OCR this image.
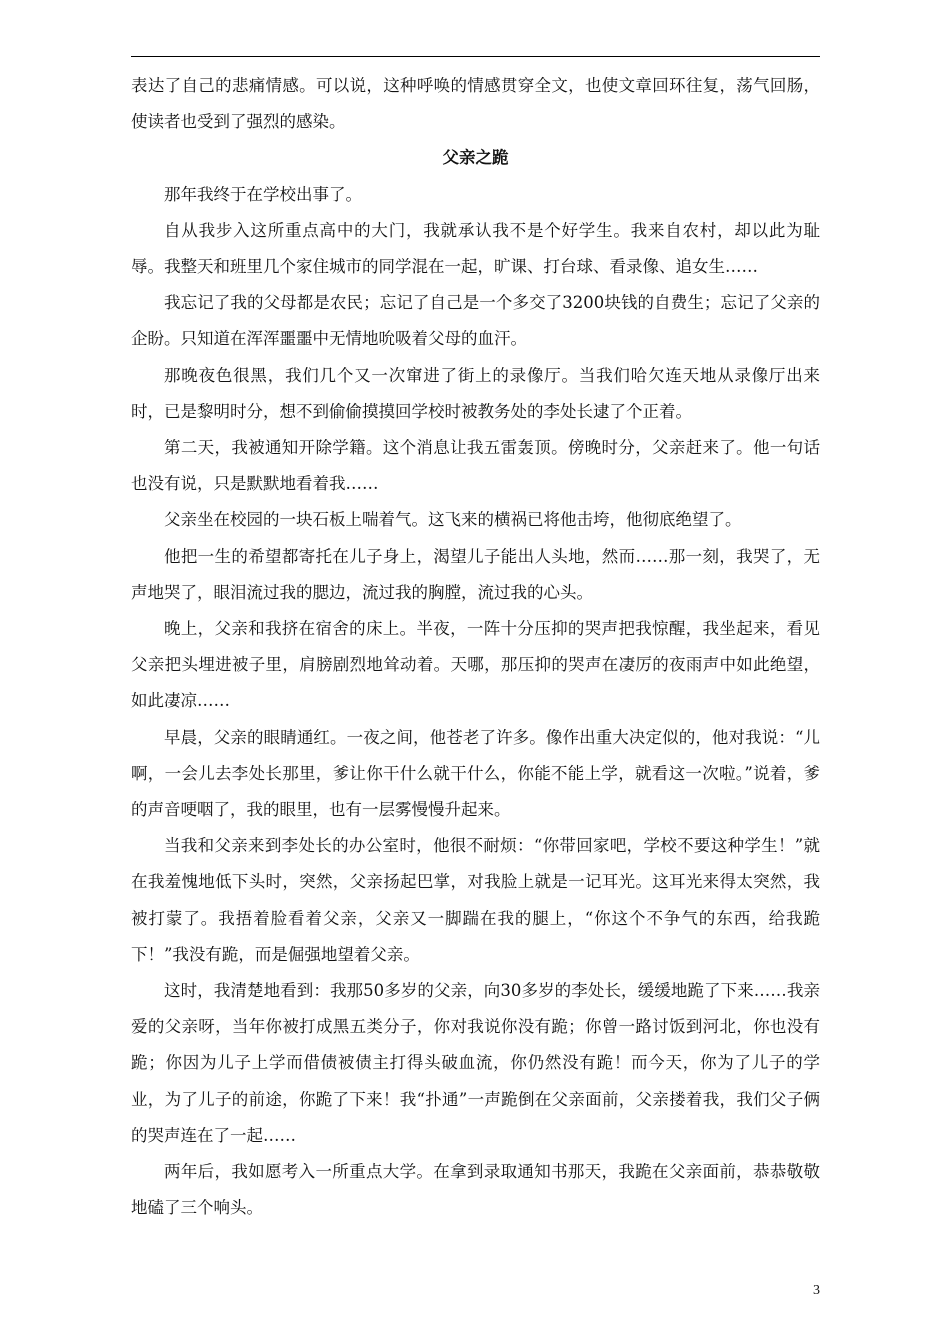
表达了自己的悲痛情感。可以说，这种呼唤的情感贯穿全文，也使文章回环往复，荡气回肠，使读者也受到了强烈的感染。

父亲之跪

那年我终于在学校出事了。

自从我步入这所重点高中的大门，我就承认我不是个好学生。我来自农村，却以此为耻辱。我整天和班里几个家住城市的同学混在一起，旷课、打台球、看录像、追女生……

我忘记了我的父母都是农民；忘记了自己是一个多交了3200块钱的自费生；忘记了父亲的企盼。只知道在浑浑噩噩中无情地吮吸着父母的血汗。

那晚夜色很黑，我们几个又一次窜进了街上的录像厅。当我们哈欠连天地从录像厅出来时，已是黎明时分，想不到偷偷摸摸回学校时被教务处的李处长逮了个正着。

第二天，我被通知开除学籍。这个消息让我五雷轰顶。傍晚时分，父亲赶来了。他一句话也没有说，只是默默地看着我……

父亲坐在校园的一块石板上喘着气。这飞来的横祸已将他击垮，他彻底绝望了。

他把一生的希望都寄托在儿子身上，渴望儿子能出人头地，然而……那一刻，我哭了，无声地哭了，眼泪流过我的腮边，流过我的胸膛，流过我的心头。

晚上，父亲和我挤在宿舍的床上。半夜，一阵十分压抑的哭声把我惊醒，我坐起来，看见父亲把头埋进被子里，肩膀剧烈地耸动着。天哪，那压抑的哭声在凄厉的夜雨声中如此绝望，如此凄凉……

早晨，父亲的眼睛通红。一夜之间，他苍老了许多。像作出重大决定似的，他对我说：“儿啊，一会儿去李处长那里，爹让你干什么就干什么，你能不能上学，就看这一次啦。”说着，爹的声音哽咽了，我的眼里，也有一层雾慢慢升起来。

当我和父亲来到李处长的办公室时，他很不耐烦：“你带回家吧，学校不要这种学生！”就在我羞愧地低下头时，突然，父亲扬起巴掌，对我脸上就是一记耳光。这耳光来得太突然，我被打蒙了。我捂着脸看着父亲，父亲又一脚踹在我的腿上，“你这个不争气的东西，给我跪下！”我没有跪，而是倔强地望着父亲。

这时，我清楚地看到：我那50多岁的父亲，向30多岁的李处长，缓缓地跪了下来……我亲爱的父亲呀，当年你被打成黑五类分子，你对我说你没有跪；你曾一路讨饭到河北，你也没有跪；你因为儿子上学而借债被债主打得头破血流，你仍然没有跪！而今天，你为了儿子的学业，为了儿子的前途，你跪了下来！我“扑通”一声跪倒在父亲面前，父亲搂着我，我们父子俩的哭声连在了一起……

两年后，我如愿考入一所重点大学。在拿到录取通知书那天，我跪在父亲面前，恭恭敬敬地磕了三个响头。

3
